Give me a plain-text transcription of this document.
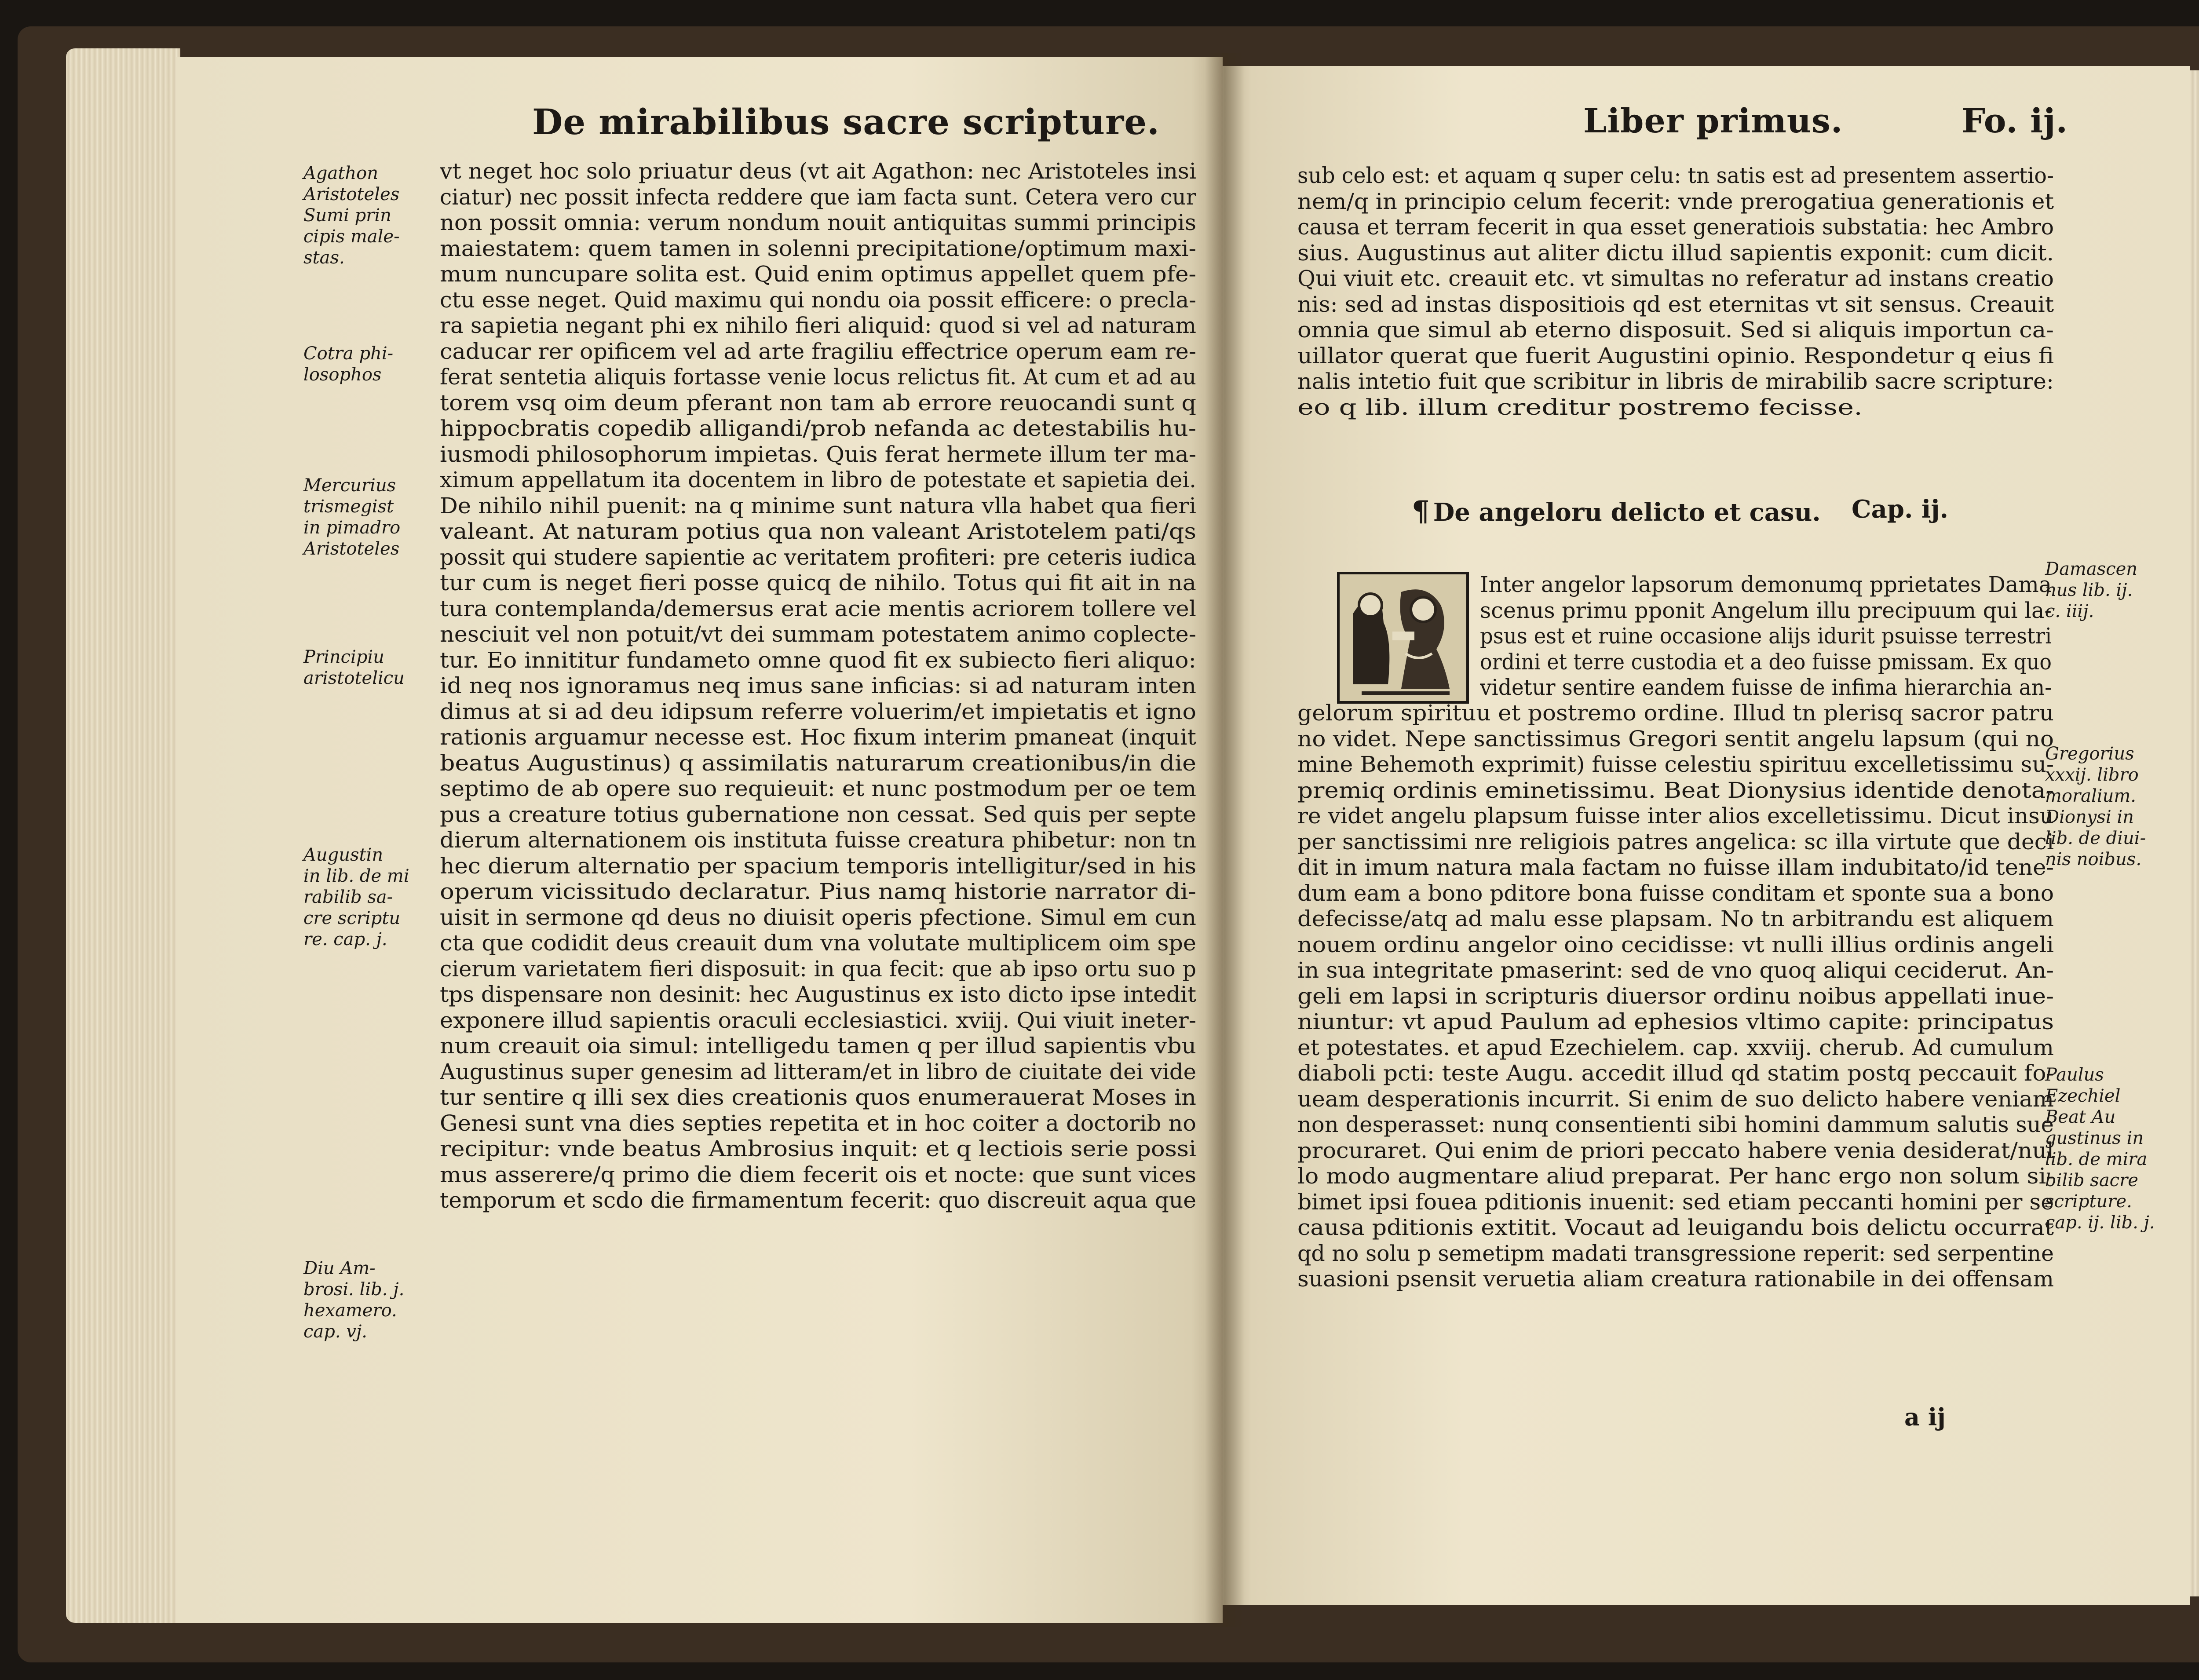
De mirabilibus sacre scripture.
vt neget hoc solo priuatur deus (vt ait Agathon: nec Aristoteles insi
ciatur) nec possit infecta reddere que iam facta sunt. Cetera vero cur
non possit omnia: verum nondum nouit antiquitas summi principis
maiestatem: quem tamen in solenni precipitatione/optimum maxi-
mum nuncupare solita est. Quid enim optimus appellet quem pfe-
ctu esse neget. Quid maximu qui nondu oia possit efficere: o precla-
ra sapietia negant phi ex nihilo fieri aliquid: quod si vel ad naturam
caducar rer opificem vel ad arte fragiliu effectrice operum eam re-
ferat sentetia aliquis fortasse venie locus relictus fit. At cum et ad au
torem vsq oim deum pferant non tam ab errore reuocandi sunt q
hippocbratis copedib alligandi/prob nefanda ac detestabilis hu-
iusmodi philosophorum impietas. Quis ferat hermete illum ter ma-
ximum appellatum ita docentem in libro de potestate et sapietia dei.
De nihilo nihil puenit: na q minime sunt natura vlla habet qua fieri
valeant. At naturam potius qua non valeant Aristotelem pati/qs
possit qui studere sapientie ac veritatem profiteri: pre ceteris iudica
tur cum is neget fieri posse quicq de nihilo. Totus qui fit ait in na
tura contemplanda/demersus erat acie mentis acriorem tollere vel
nesciuit vel non potuit/vt dei summam potestatem animo coplecte-
tur. Eo innititur fundameto omne quod fit ex subiecto fieri aliquo:
id neq nos ignoramus neq imus sane inficias: si ad naturam inten
dimus at si ad deu idipsum referre voluerim/et impietatis et igno
rationis arguamur necesse est. Hoc fixum interim pmaneat (inquit
beatus Augustinus) q assimilatis naturarum creationibus/in die
septimo de ab opere suo requieuit: et nunc postmodum per oe tem
pus a creature totius gubernatione non cessat. Sed quis per septe
dierum alternationem ois instituta fuisse creatura phibetur: non tn
hec dierum alternatio per spacium temporis intelligitur/sed in his
operum vicissitudo declaratur. Pius namq historie narrator di-
uisit in sermone qd deus no diuisit operis pfectione. Simul em cun
cta que codidit deus creauit dum vna volutate multiplicem oim spe
cierum varietatem fieri disposuit: in qua fecit: que ab ipso ortu suo p
tps dispensare non desinit: hec Augustinus ex isto dicto ipse intedit
exponere illud sapientis oraculi ecclesiastici. xviij. Qui viuit ineter-
num creauit oia simul: intelligedu tamen q per illud sapientis vbu
Augustinus super genesim ad litteram/et in libro de ciuitate dei vide
tur sentire q illi sex dies creationis quos enumerauerat Moses in
Genesi sunt vna dies septies repetita et in hoc coiter a doctorib no
recipitur: vnde beatus Ambrosius inquit: et q lectiois serie possi
mus asserere/q primo die diem fecerit ois et nocte: que sunt vices
temporum et scdo die firmamentum fecerit: quo discreuit aqua que
Agathon
Aristoteles
Sumi prin
cipis male-
stas.
Cotra phi-
losophos
Mercurius
trismegist
in pimadro
Aristoteles
Principiu
aristotelicu
Augustin
in lib. de mi
rabilib sa-
cre scriptu
re. cap. j.
Diu Am-
brosi. lib. j.
hexamero.
cap. vj.
Liber primus.	Fo. ij.
sub celo est: et aquam q super celu: tn satis est ad presentem assertio-
nem/q in principio celum fecerit: vnde prerogatiua generationis et
causa et terram fecerit in qua esset generatiois substatia: hec Ambro
sius. Augustinus aut aliter dictu illud sapientis exponit: cum dicit.
Qui viuit etc. creauit etc. vt simultas no referatur ad instans creatio
nis: sed ad instas dispositiois qd est eternitas vt sit sensus. Creauit
omnia que simul ab eterno disposuit. Sed si aliquis importun ca-
uillator querat que fuerit Augustini opinio. Respondetur q eius fi
nalis intetio fuit que scribitur in libris de mirabilib sacre scripture:
eo q lib. illum creditur postremo fecisse.
¶ De angeloru delicto et casu. Cap. ij.
Inter angelor lapsorum demonumq pprietates Dama
scenus primu pponit Angelum illu precipuum qui la-
psus est et ruine occasione alijs idurit psuisse terrestri
ordini et terre custodia et a deo fuisse pmissam. Ex quo
videtur sentire eandem fuisse de infima hierarchia an-
gelorum spirituu et postremo ordine. Illud tn plerisq sacror patru
no videt. Nepe sanctissimus Gregori sentit angelu lapsum (qui no
mine Behemoth exprimit) fuisse celestiu spirituu excelletissimu su-
premiq ordinis eminetissimu. Beat Dionysius identide denota-
re videt angelu plapsum fuisse inter alios excelletissimu. Dicut insu
per sanctissimi nre religiois patres angelica: sc illa virtute que deci
dit in imum natura mala factam no fuisse illam indubitato/id tene-
dum eam a bono pditore bona fuisse conditam et sponte sua a bono
defecisse/atq ad malu esse plapsam. No tn arbitrandu est aliquem
nouem ordinu angelor oino cecidisse: vt nulli illius ordinis angeli
in sua integritate pmaserint: sed de vno quoq aliqui ceciderut. An-
geli em lapsi in scripturis diuersor ordinu noibus appellati inue-
niuntur: vt apud Paulum ad ephesios vltimo capite: principatus
et potestates. et apud Ezechielem. cap. xxviij. cherub. Ad cumulum
diaboli pcti: teste Augu. accedit illud qd statim postq peccauit fo-
ueam desperationis incurrit. Si enim de suo delicto habere veniam
non desperasset: nunq consentienti sibi homini dammum salutis sue
procuraret. Qui enim de priori peccato habere venia desiderat/nul
lo modo augmentare aliud preparat. Per hanc ergo non solum si-
bimet ipsi fouea pditionis inuenit: sed etiam peccanti homini per se
causa pditionis extitit. Vocaut ad leuigandu bois delictu occurrat
qd no solu p semetipm madati transgressione reperit: sed serpentine
suasioni psensit veruetia aliam creatura rationabile in dei offensam
a ij
Damascen
nus lib. ij.
c. iiij.
Gregorius
xxxij. libro
moralium.
Dionysi in
lib. de diui-
nis noibus.
Paulus
Ezechiel
Beat Au
gustinus in
lib. de mira
bilib sacre
scripture.
cap. ij. lib. j.
